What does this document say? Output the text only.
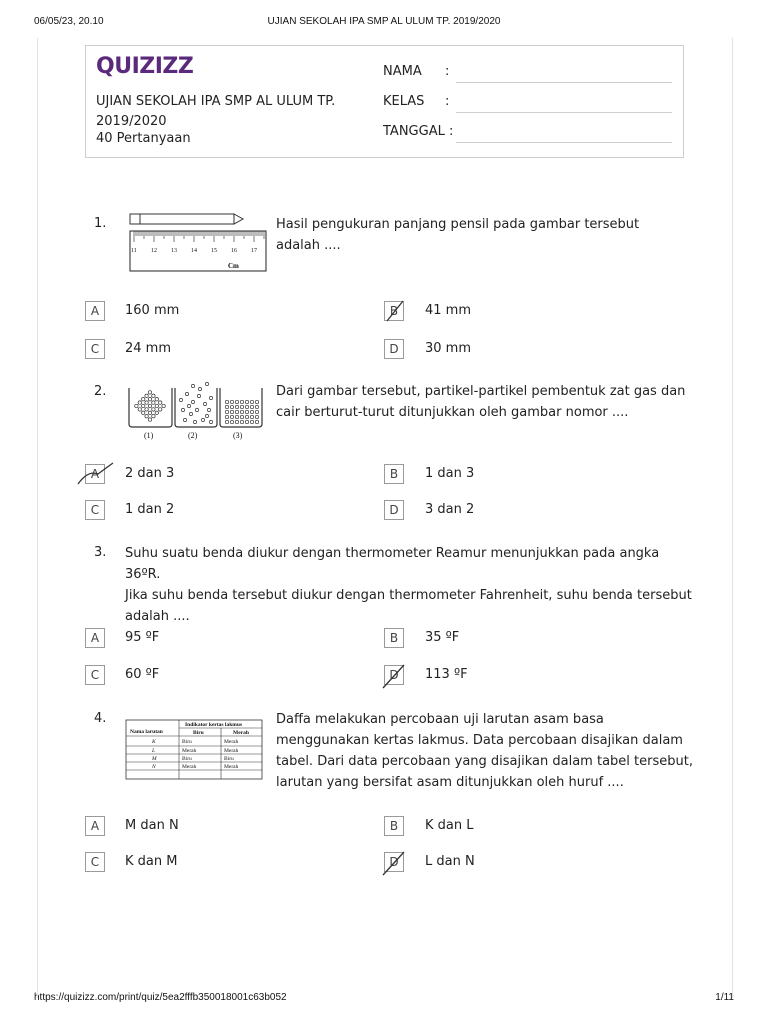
06/05/23, 20.10	UJIAN SEKOLAH IPA SMP AL ULUM TP. 2019/2020
https://quizizz.com/print/quiz/5ea2fffb350018001c63b052	1/11
QUIZIZZ
UJIAN SEKOLAH IPA SMP AL ULUM TP. 2019/2020
40 Pertanyaan
NAMA :
KELAS :
TANGGAL :
1.
11 12 13 14 15 16 17
Cm
Hasil pengukuran panjang pensil pada gambar tersebut adalah ....
A	160 mm	B	41 mm
C	24 mm	D	30 mm
2.
(1)	(2)	(3)
Dari gambar tersebut, partikel-partikel pembentuk zat gas dan cair berturut-turut ditunjukkan oleh gambar nomor ....
A	2 dan 3	B	1 dan 3
C	1 dan 2	D	3 dan 2
3. Suhu suatu benda diukur dengan thermometer Reamur menunjukkan pada angka 36ºR.
Jika suhu benda tersebut diukur dengan thermometer Fahrenheit, suhu benda tersebut
adalah ....
A	95 ºF	B	35 ºF
C	60 ºF	D	113 ºF
4.
Nama larutan
Indikator kertas lakmus
Biru	Merah
K	Biru	Merah
L	Merah	Merah
M	Biru	Biru
N	Merah	Merah
Daffa melakukan percobaan uji larutan asam basa menggunakan kertas lakmus. Data percobaan disajikan dalam tabel. Dari data percobaan yang disajikan dalam tabel tersebut, larutan yang bersifat asam ditunjukkan oleh huruf ....
A	M dan N	B	K dan L
C	K dan M	D	L dan N
